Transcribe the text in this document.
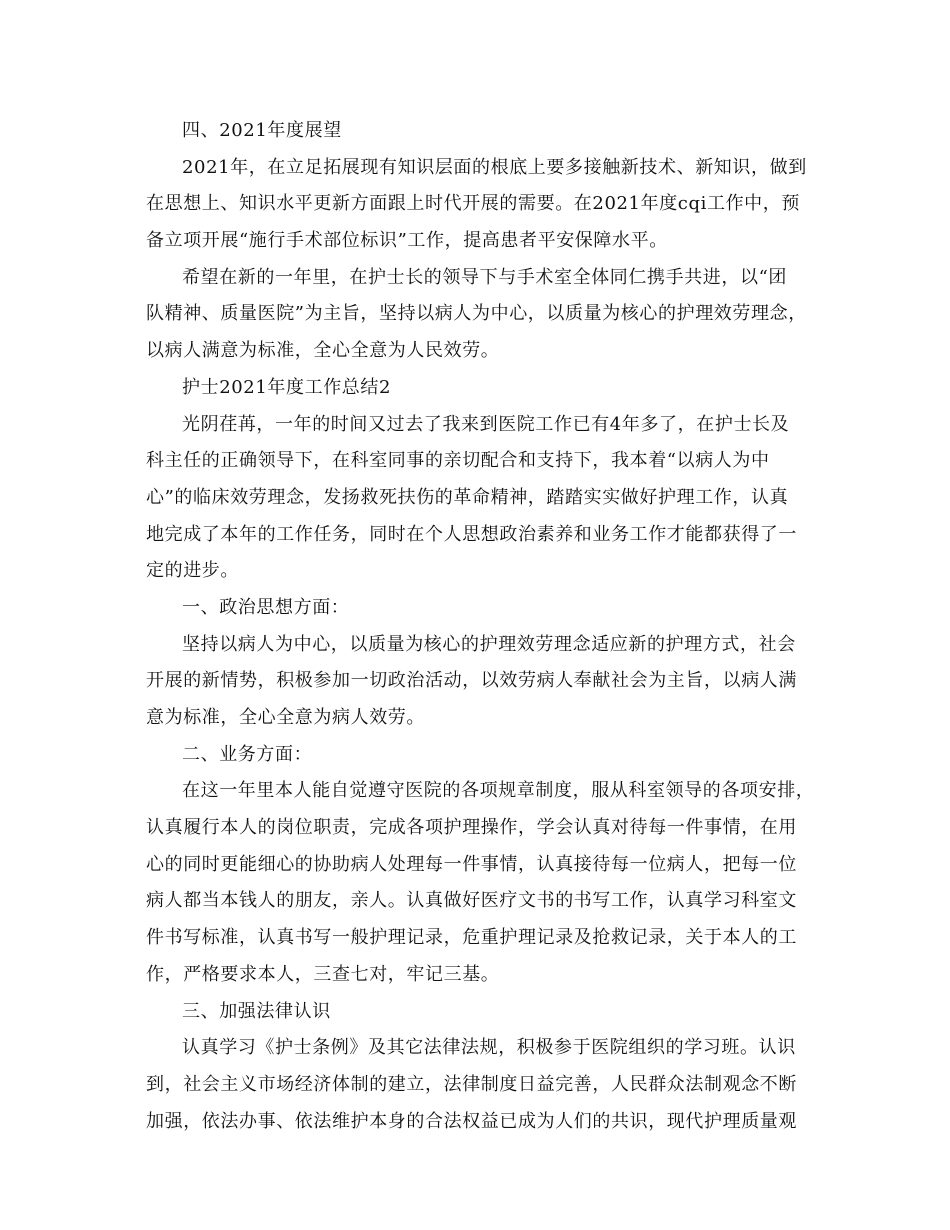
四、2021年度展望
2021年，在立足拓展现有知识层面的根底上要多接触新技术、新知识，做到
在思想上、知识水平更新方面跟上时代开展的需要。在2021年度cqi工作中，预
备立项开展“施行手术部位标识”工作，提高患者平安保障水平。
希望在新的一年里，在护士长的领导下与手术室全体同仁携手共进，以“团
队精神、质量医院”为主旨，坚持以病人为中心，以质量为核心的护理效劳理念，
以病人满意为标准，全心全意为人民效劳。
护士2021年度工作总结2
光阴荏苒，一年的时间又过去了我来到医院工作已有4年多了，在护士长及
科主任的正确领导下，在科室同事的亲切配合和支持下，我本着“以病人为中
心”的临床效劳理念，发扬救死扶伤的革命精神，踏踏实实做好护理工作，认真
地完成了本年的工作任务，同时在个人思想政治素养和业务工作才能都获得了一
定的进步。
一、政治思想方面：
坚持以病人为中心，以质量为核心的护理效劳理念适应新的护理方式，社会
开展的新情势，积极参加一切政治活动，以效劳病人奉献社会为主旨，以病人满
意为标准，全心全意为病人效劳。
二、业务方面：
在这一年里本人能自觉遵守医院的各项规章制度，服从科室领导的各项安排，
认真履行本人的岗位职责，完成各项护理操作，学会认真对待每一件事情，在用
心的同时更能细心的协助病人处理每一件事情，认真接待每一位病人，把每一位
病人都当本钱人的朋友，亲人。认真做好医疗文书的书写工作，认真学习科室文
件书写标准，认真书写一般护理记录，危重护理记录及抢救记录，关于本人的工
作，严格要求本人，三查七对，牢记三基。
三、加强法律认识
认真学习《护士条例》及其它法律法规，积极参于医院组织的学习班。认识
到，社会主义市场经济体制的建立，法律制度日益完善，人民群众法制观念不断
加强，依法办事、依法维护本身的合法权益已成为人们的共识，现代护理质量观
